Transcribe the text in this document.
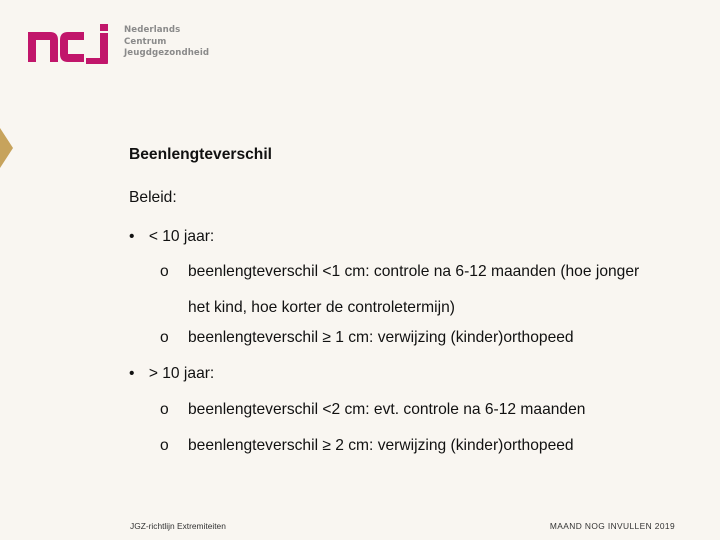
Nederlands
Centrum
Jeugdgezondheid
Beenlengteverschil
Beleid:
• < 10 jaar:
o	beenlengteverschil <1 cm: controle na 6-12 maanden (hoe jonger het kind, hoe korter de controletermijn)
o	beenlengteverschil ≥ 1 cm: verwijzing (kinder)orthopeed
• > 10 jaar:
o	beenlengteverschil <2 cm: evt. controle na 6-12 maanden
o	beenlengteverschil ≥ 2 cm: verwijzing (kinder)orthopeed
JGZ-richtlijn Extremiteiten	MAAND NOG INVULLEN 2019
